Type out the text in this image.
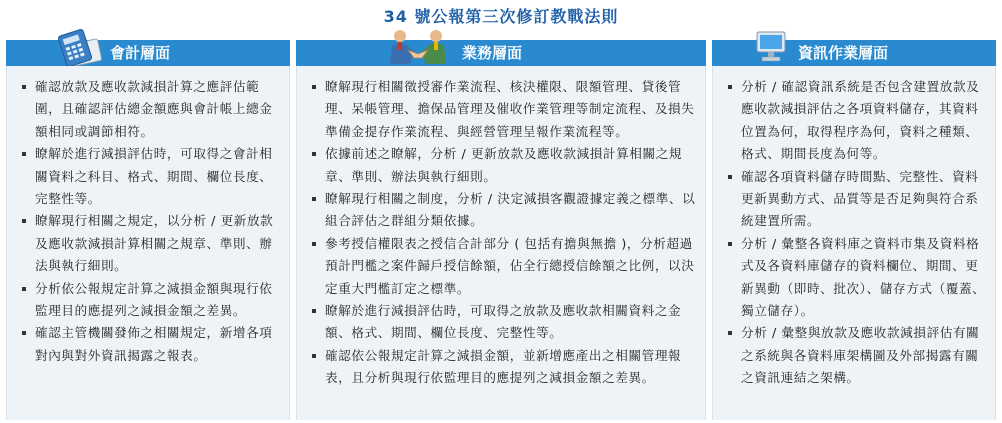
34 號公報第三次修訂教戰法則
會計層面
確認放款及應收款減損計算之應評估範圍，且確認評估總金額應與會計帳上總金額相同或調節相符。
瞭解於進行減損評估時，可取得之會計相關資料之科目、格式、期間、欄位長度、完整性等。
瞭解現行相關之規定，以分析 / 更新放款及應收款減損計算相關之規章、準則、辦法與執行細則。
分析依公報規定計算之減損金額與現行依監理目的應提列之減損金額之差異。
確認主管機關發佈之相關規定，新增各項對內與對外資訊揭露之報表。
業務層面
瞭解現行相關徵授審作業流程、核決權限、限額管理、貸後管理、呆帳管理、擔保品管理及催收作業管理等制定流程、及損失準備金提存作業流程、與經營管理呈報作業流程等。
依據前述之瞭解，分析 / 更新放款及應收款減損計算相關之規章、準則、辦法與執行細則。
瞭解現行相關之制度，分析 / 決定減損客觀證據定義之標準、以組合評估之群組分類依據。
參考授信權限表之授信合計部分 ( 包括有擔與無擔 )，分析超過預計門檻之案件歸戶授信餘額，佔全行總授信餘額之比例，以決定重大門檻訂定之標準。
瞭解於進行減損評估時，可取得之放款及應收款相關資料之金額、格式、期間、欄位長度、完整性等。
確認依公報規定計算之減損金額，並新增應產出之相關管理報表，且分析與現行依監理目的應提列之減損金額之差異。
資訊作業層面
分析 / 確認資訊系統是否包含建置放款及應收款減損評估之各項資料儲存，其資料位置為何，取得程序為何，資料之種類、格式、期間長度為何等。
確認各項資料儲存時間點、完整性、資料更新異動方式、品質等是否足夠與符合系統建置所需。
分析 / 彙整各資料庫之資料市集及資料格式及各資料庫儲存的資料欄位、期間、更新異動（即時、批次）、儲存方式（覆蓋、獨立儲存）。
分析 / 彙整與放款及應收款減損評估有關之系統與各資料庫架構圖及外部揭露有關之資訊連結之架構。
